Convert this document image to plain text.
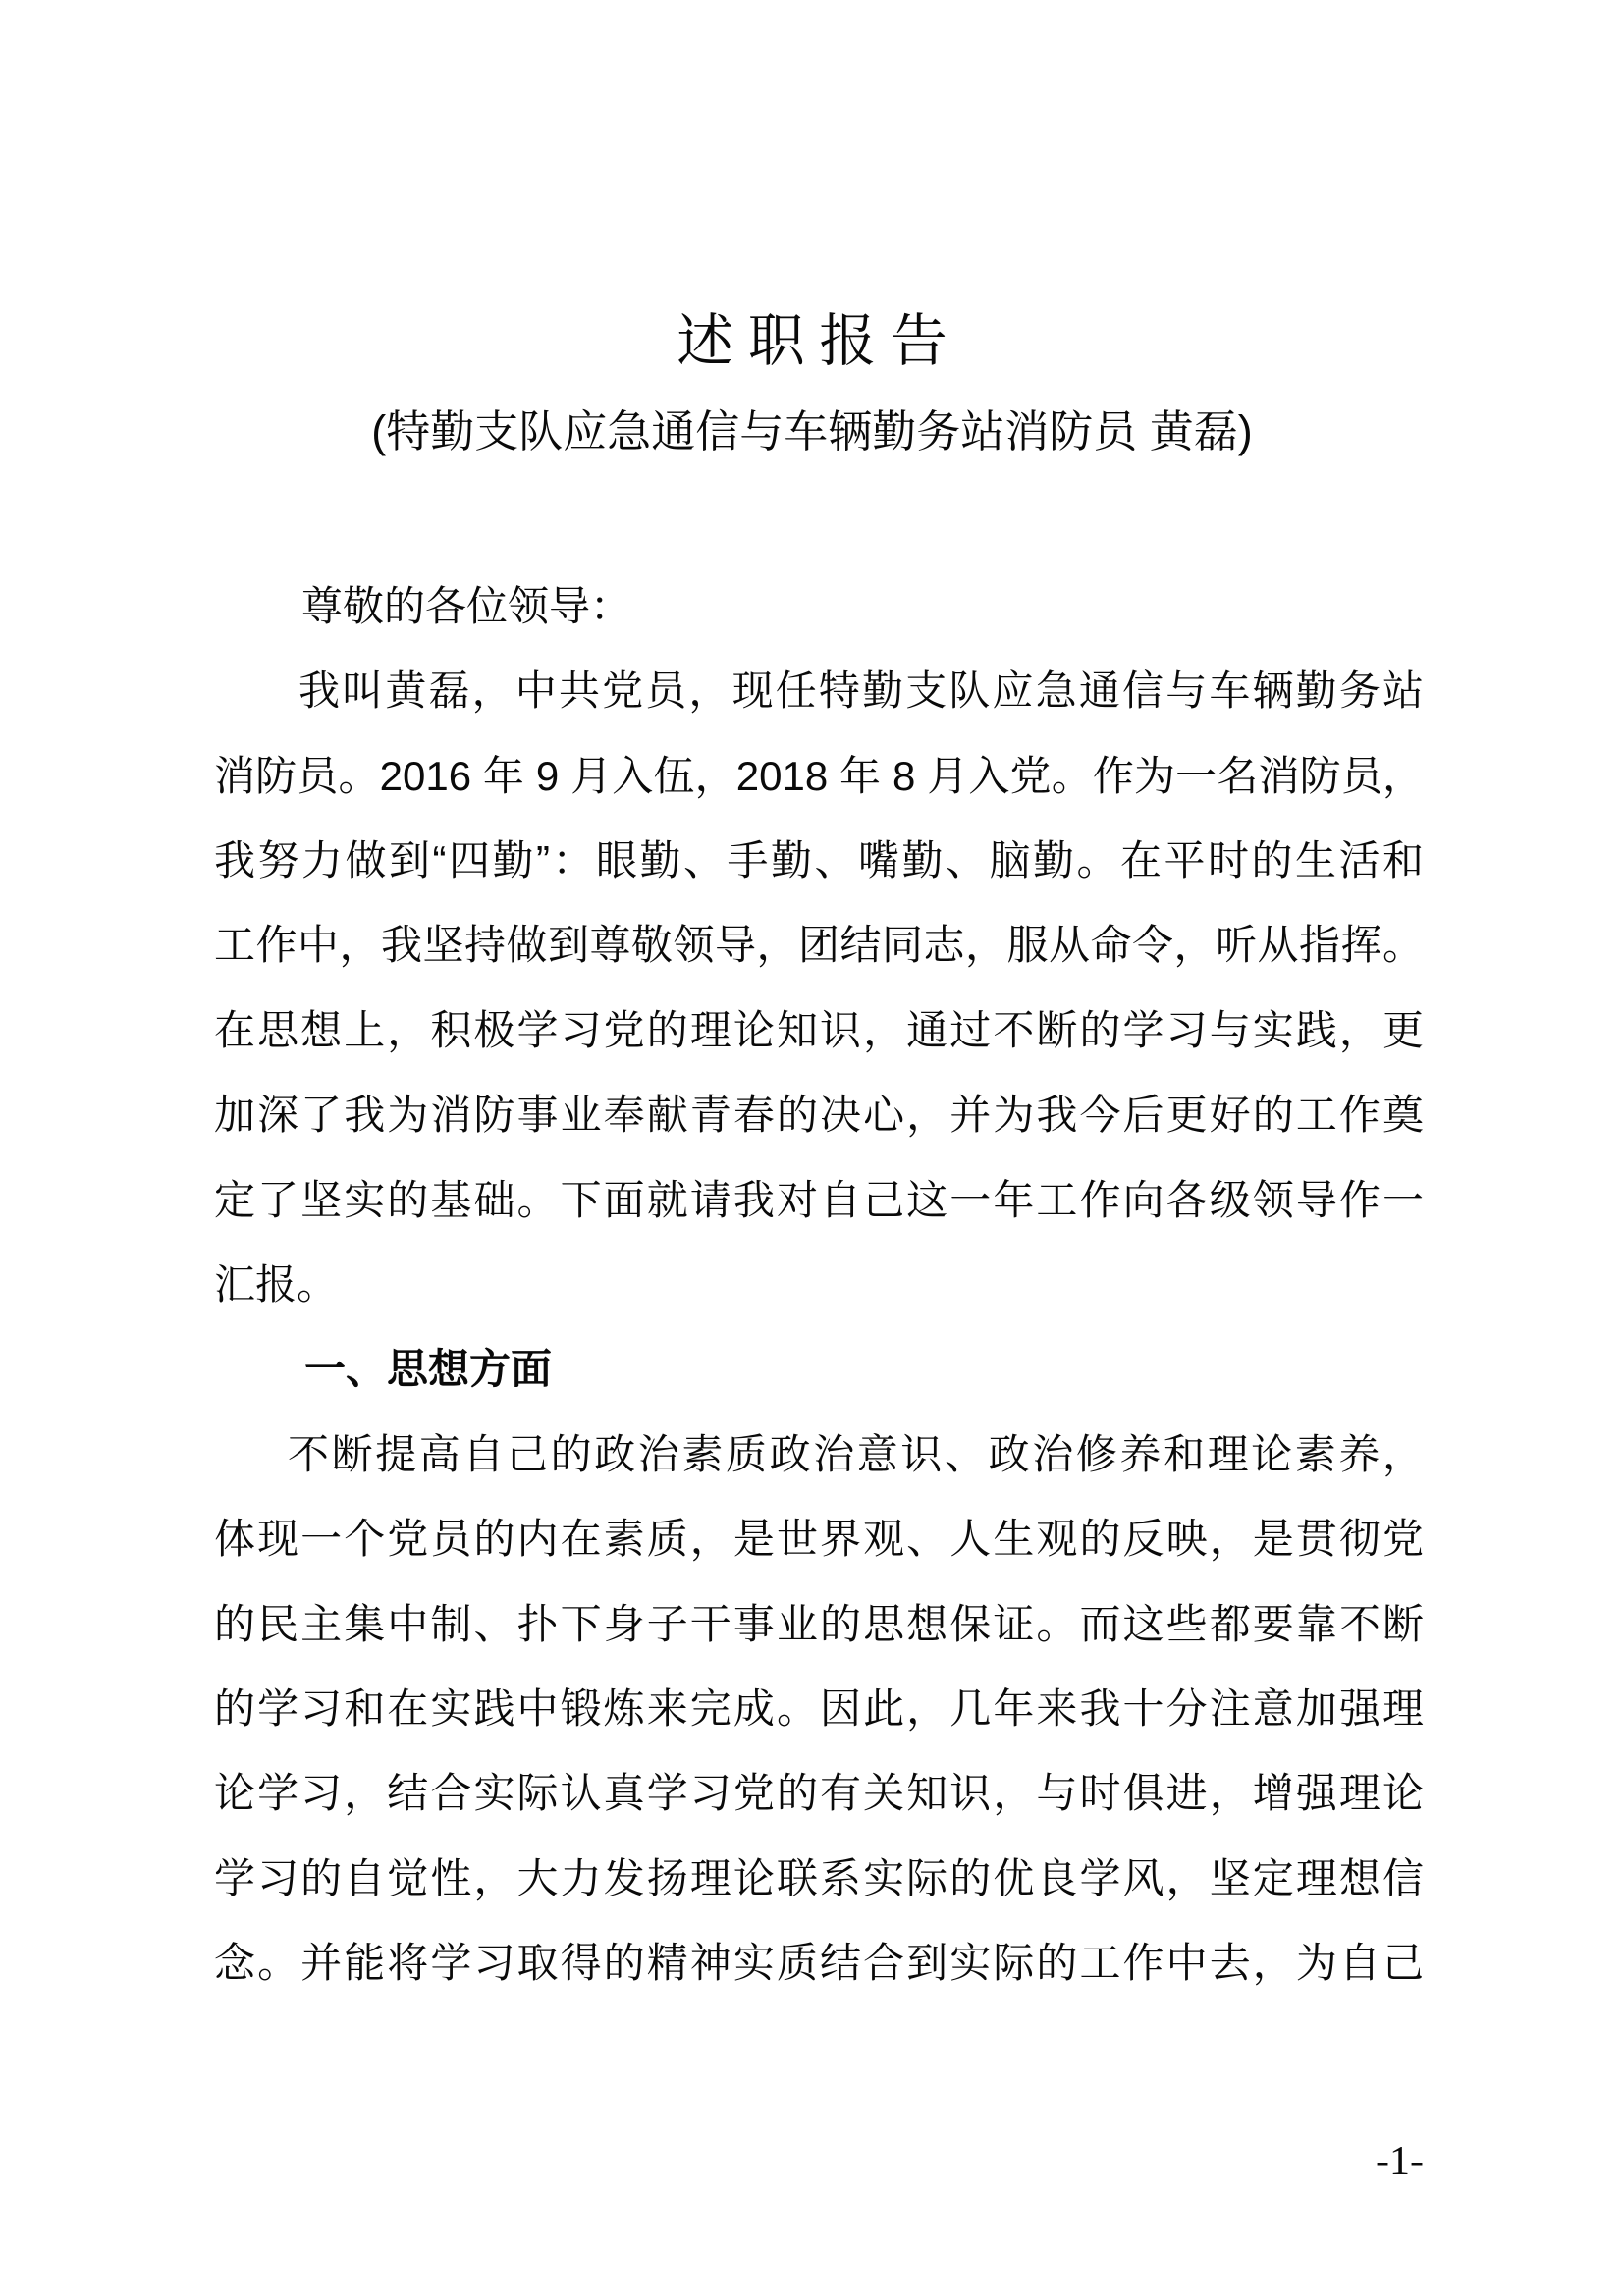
述 职 报 告
(特勤支队应急通信与车辆勤务站消防员 黄磊)
尊敬的各位领导：
我叫黄磊，中共党员，现任特勤支队应急通信与车辆勤务站
消防员。2016 年 9 月入伍，2018 年 8 月入党。作为一名消防员，
我努力做到“四勤”：眼勤、手勤、嘴勤、脑勤。在平时的生活和
工作中，我坚持做到尊敬领导，团结同志，服从命令，听从指挥。
在思想上，积极学习党的理论知识，通过不断的学习与实践，更
加深了我为消防事业奉献青春的决心，并为我今后更好的工作奠
定了坚实的基础。下面就请我对自己这一年工作向各级领导作一
汇报。
一、思想方面
不断提高自己的政治素质政治意识、政治修养和理论素养，
体现一个党员的内在素质，是世界观、人生观的反映，是贯彻党
的民主集中制、扑下身子干事业的思想保证。而这些都要靠不断
的学习和在实践中锻炼来完成。因此，几年来我十分注意加强理
论学习，结合实际认真学习党的有关知识，与时俱进，增强理论
学习的自觉性，大力发扬理论联系实际的优良学风，坚定理想信
念。并能将学习取得的精神实质结合到实际的工作中去，为自己
-1-
